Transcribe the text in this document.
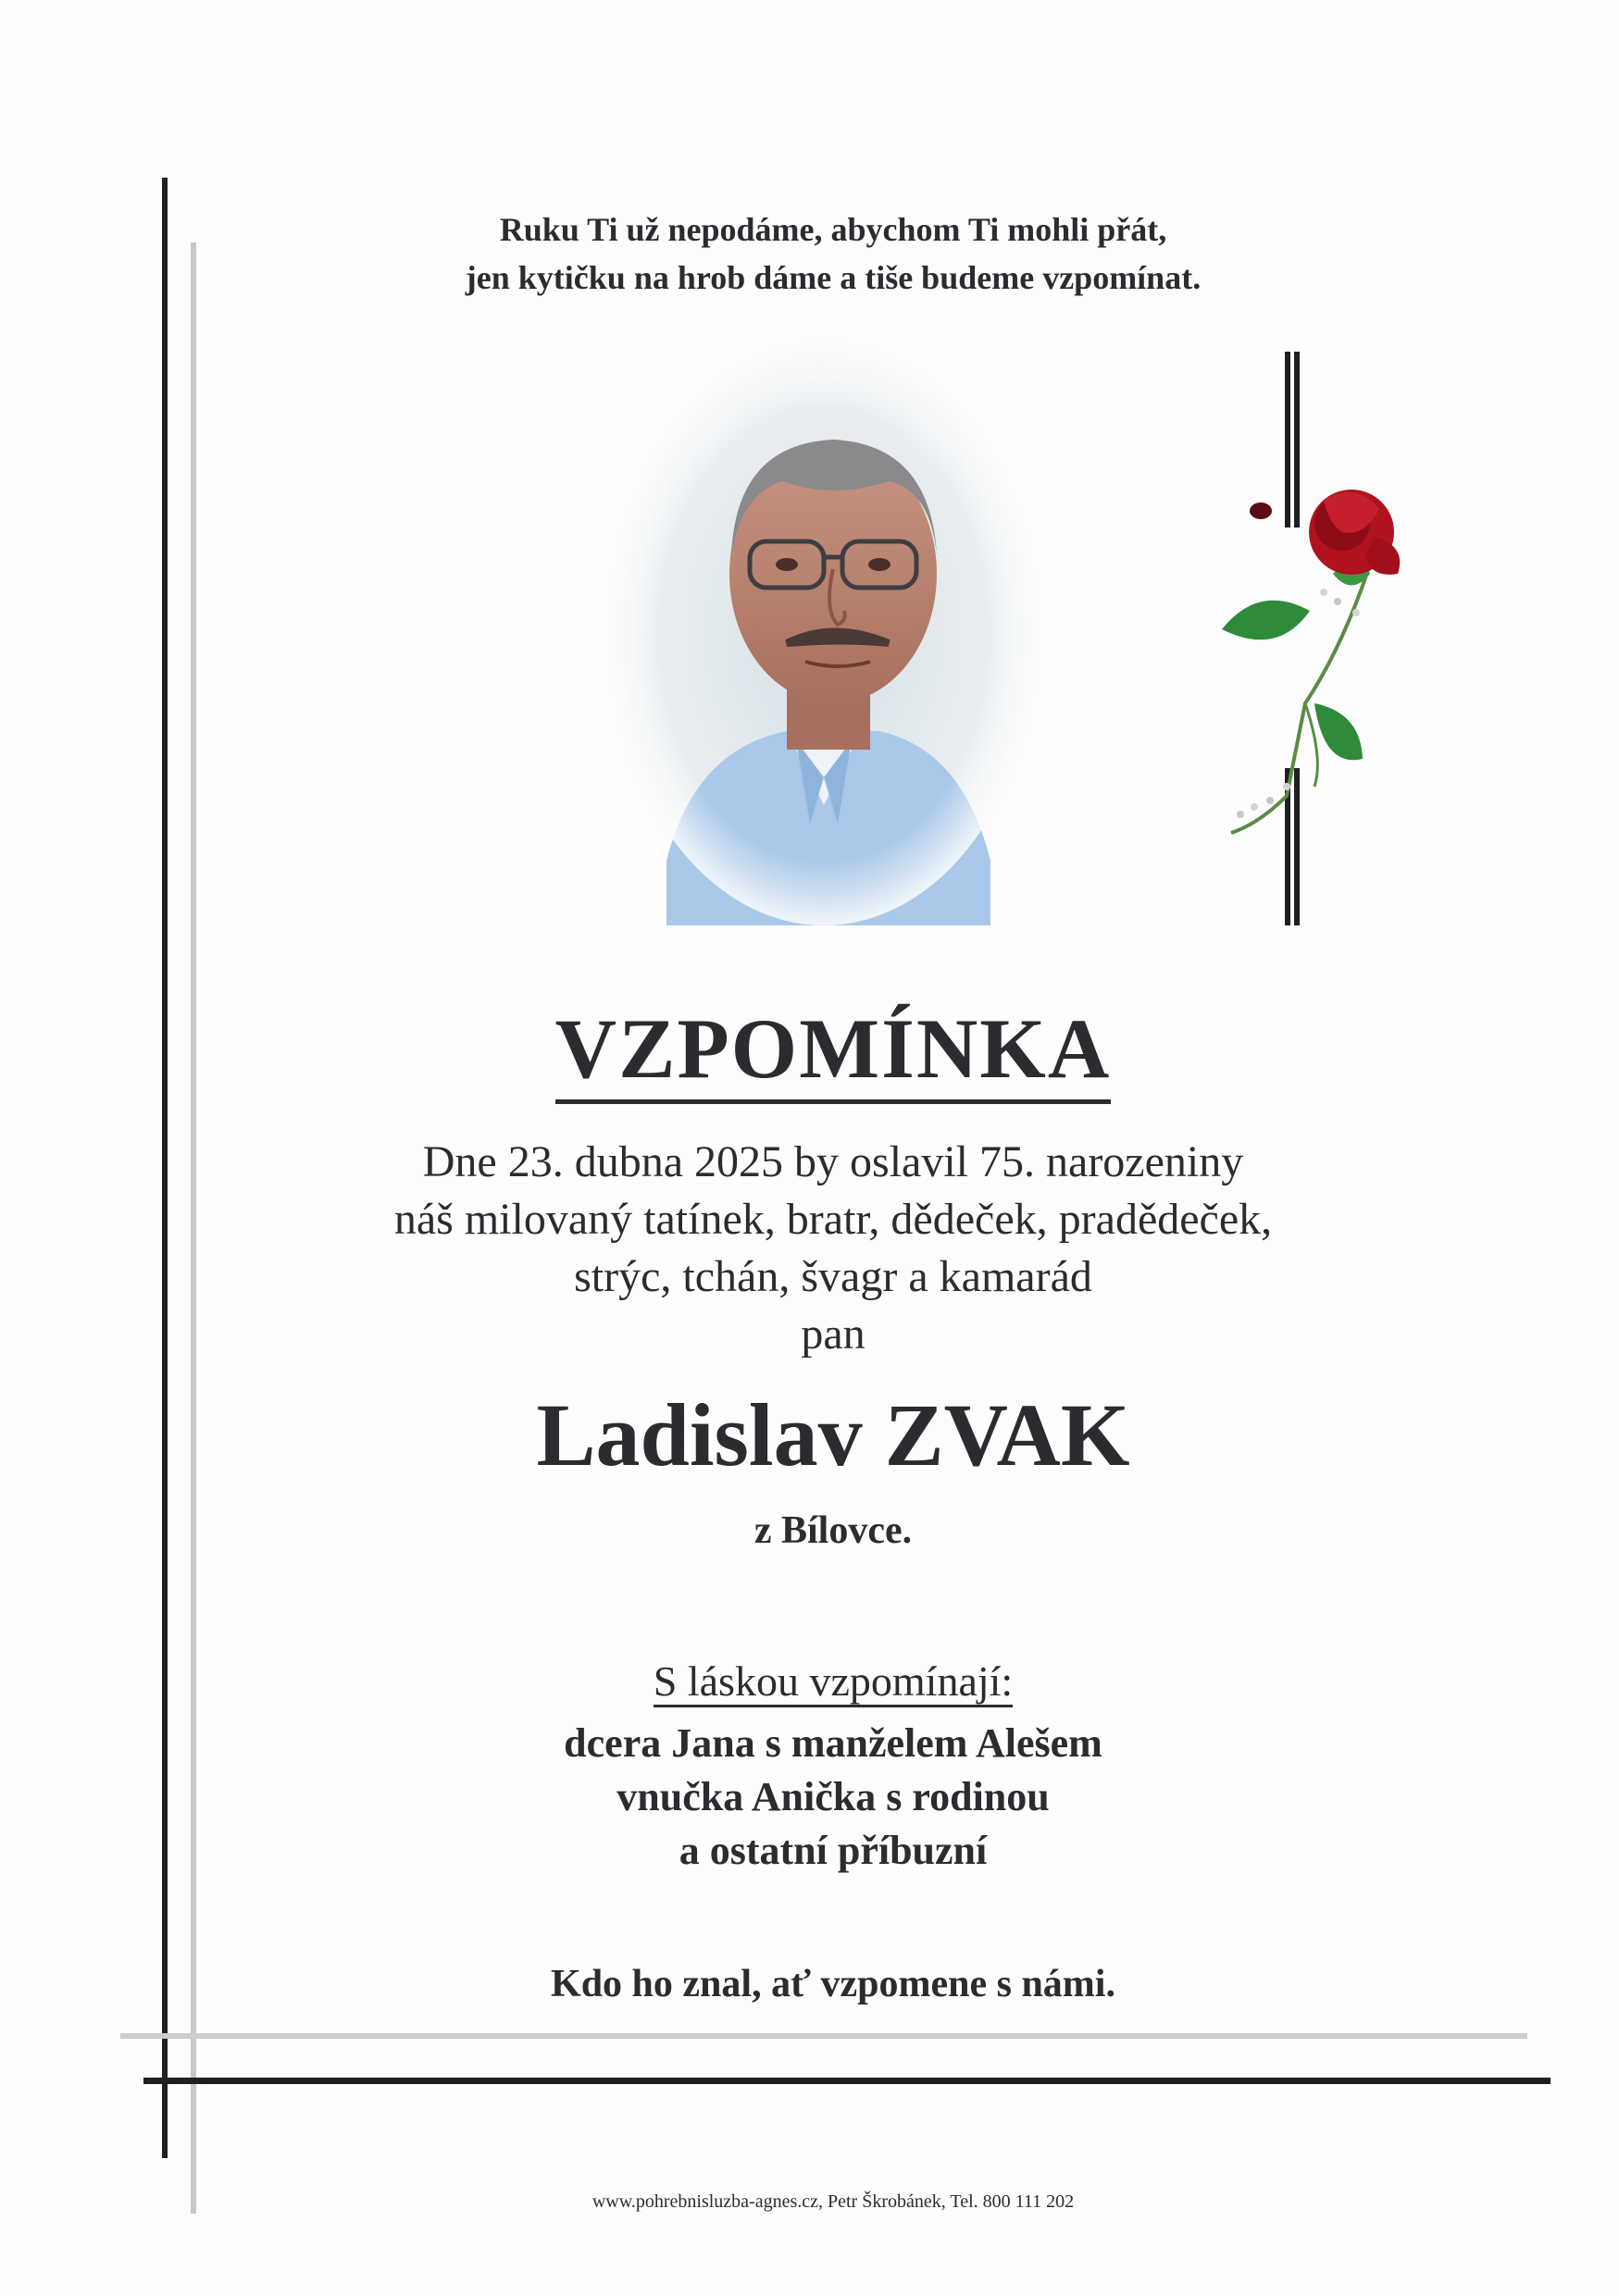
Ruku Ti už nepodáme, abychom Ti mohli přát,
jen kytičku na hrob dáme a tiše budeme vzpomínat.
VZPOMÍNKA
Dne 23. dubna 2025 by oslavil 75. narozeniny
náš milovaný tatínek, bratr, dědeček, pradědeček,
strýc, tchán, švagr a kamarád
pan
Ladislav ZVAK
z Bílovce.
S láskou vzpomínají:
dcera Jana s manželem Alešem
vnučka Anička s rodinou
a ostatní příbuzní
Kdo ho znal, ať vzpomene s námi.
www.pohrebnisluzba-agnes.cz, Petr Škrobánek, Tel. 800 111 202
